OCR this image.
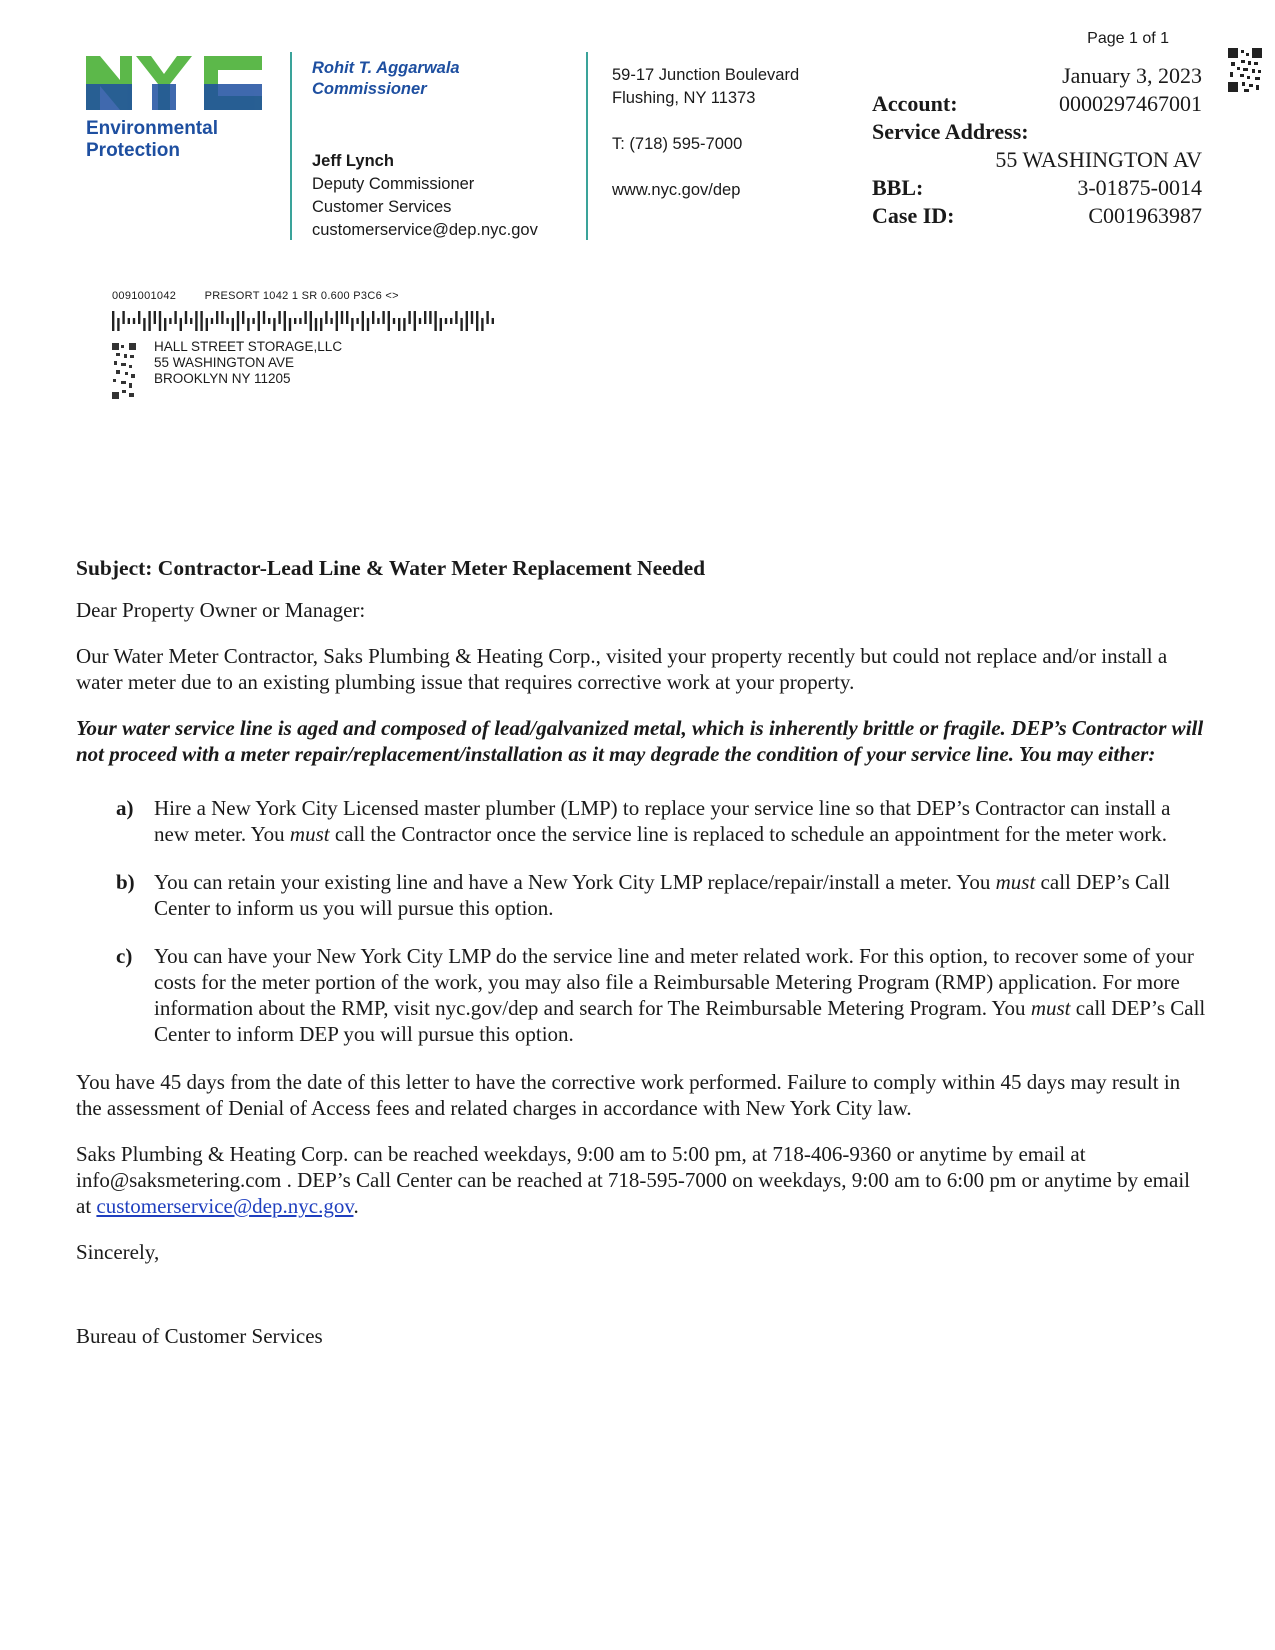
Environmental
Protection
Rohit T. Aggarwala
Commissioner
Jeff Lynch
Deputy Commissioner
Customer Services
customerservice@dep.nyc.gov
59-17 Junction Boulevard
Flushing, NY 11373
T: (718) 595-7000
www.nyc.gov/dep
Page 1 of 1
January 3, 2023
Account:	0000297467001
Service Address:
55 WASHINGTON AV
BBL:	3-01875-0014
Case ID:	C001963987
0091001042	PRESORT 1042 1 SR 0.600 P3C6 <>
HALL STREET STORAGE,LLC
55 WASHINGTON AVE
BROOKLYN NY 11205
Subject: Contractor-Lead Line & Water Meter Replacement Needed

Dear Property Owner or Manager:

Our Water Meter Contractor, Saks Plumbing & Heating Corp., visited your property recently but could not replace and/or install a water meter due to an existing plumbing issue that requires corrective work at your property.

Your water service line is aged and composed of lead/galvanized metal, which is inherently brittle or fragile. DEP’s Contractor will not proceed with a meter repair/replacement/installation as it may degrade the condition of your service line. You may either:

a) Hire a New York City Licensed master plumber (LMP) to replace your service line so that DEP’s Contractor can install a new meter. You must call the Contractor once the service line is replaced to schedule an appointment for the meter work.
b) You can retain your existing line and have a New York City LMP replace/repair/install a meter. You must call DEP’s Call Center to inform us you will pursue this option.
c)	You can have your New York City LMP do the service line and meter related work. For this option, to recover some of your costs for the meter portion of the work, you may also file a Reimbursable Metering Program (RMP) application. For more information about the RMP, visit nyc.gov/dep and search for The Reimbursable Metering Program. You must call DEP’s Call Center to inform DEP you will pursue this option.

You have 45 days from the date of this letter to have the corrective work performed. Failure to comply within 45 days may result in the assessment of Denial of Access fees and related charges in accordance with New York City law.

Saks Plumbing & Heating Corp. can be reached weekdays, 9:00 am to 5:00 pm, at 718-406-9360 or anytime by email at info@saksmetering.com . DEP’s Call Center can be reached at 718-595-7000 on weekdays, 9:00 am to 6:00 pm or anytime by email at customerservice@dep.nyc.gov.

Sincerely,

Bureau of Customer Services
